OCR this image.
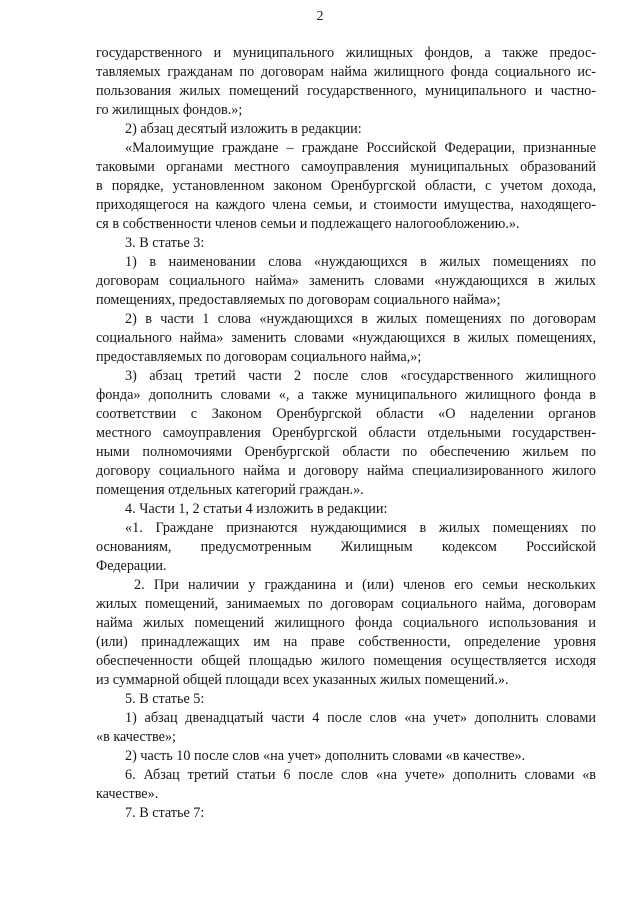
2
государственного и муниципального жилищных фондов, а также предос-
тавляемых гражданам по договорам найма жилищного фонда социального ис-
пользования жилых помещений государственного, муниципального и частно-
го жилищных фондов.»;
2) абзац десятый изложить в редакции:
«Малоимущие граждане – граждане Российской Федерации, признанные
таковыми органами местного самоуправления муниципальных образований
в порядке, установленном законом Оренбургской области, с учетом дохода,
приходящегося на каждого члена семьи, и стоимости имущества, находящего-
ся в собственности членов семьи и подлежащего налогообложению.».
3. В статье 3:
1) в наименовании слова «нуждающихся в жилых помещениях по
договорам социального найма» заменить словами «нуждающихся в жилых
помещениях, предоставляемых по договорам социального найма»;
2) в части 1 слова «нуждающихся в жилых помещениях по договорам
социального найма» заменить словами «нуждающихся в жилых помещениях,
предоставляемых по договорам социального найма,»;
3) абзац третий части 2 после слов «государственного жилищного
фонда» дополнить словами «, а также муниципального жилищного фонда в
соответствии с Законом Оренбургской области «О наделении органов
местного самоуправления Оренбургской области отдельными государствен-
ными полномочиями Оренбургской области по обеспечению жильем по
договору социального найма и договору найма специализированного жилого
помещения отдельных категорий граждан.».
4. Части 1, 2 статьи 4 изложить в редакции:
«1. Граждане признаются нуждающимися в жилых помещениях по
основаниям, предусмотренным Жилищным кодексом Российской
Федерации.
2. При наличии у гражданина и (или) членов его семьи нескольких
жилых помещений, занимаемых по договорам социального найма, договорам
найма жилых помещений жилищного фонда социального использования и
(или) принадлежащих им на праве собственности, определение уровня
обеспеченности общей площадью жилого помещения осуществляется исходя
из суммарной общей площади всех указанных жилых помещений.».
5. В статье 5:
1) абзац двенадцатый части 4 после слов «на учет» дополнить словами
«в качестве»;
2) часть 10 после слов «на учет» дополнить словами «в качестве».
6. Абзац третий статьи 6 после слов «на учете» дополнить словами «в
качестве».
7. В статье 7:
